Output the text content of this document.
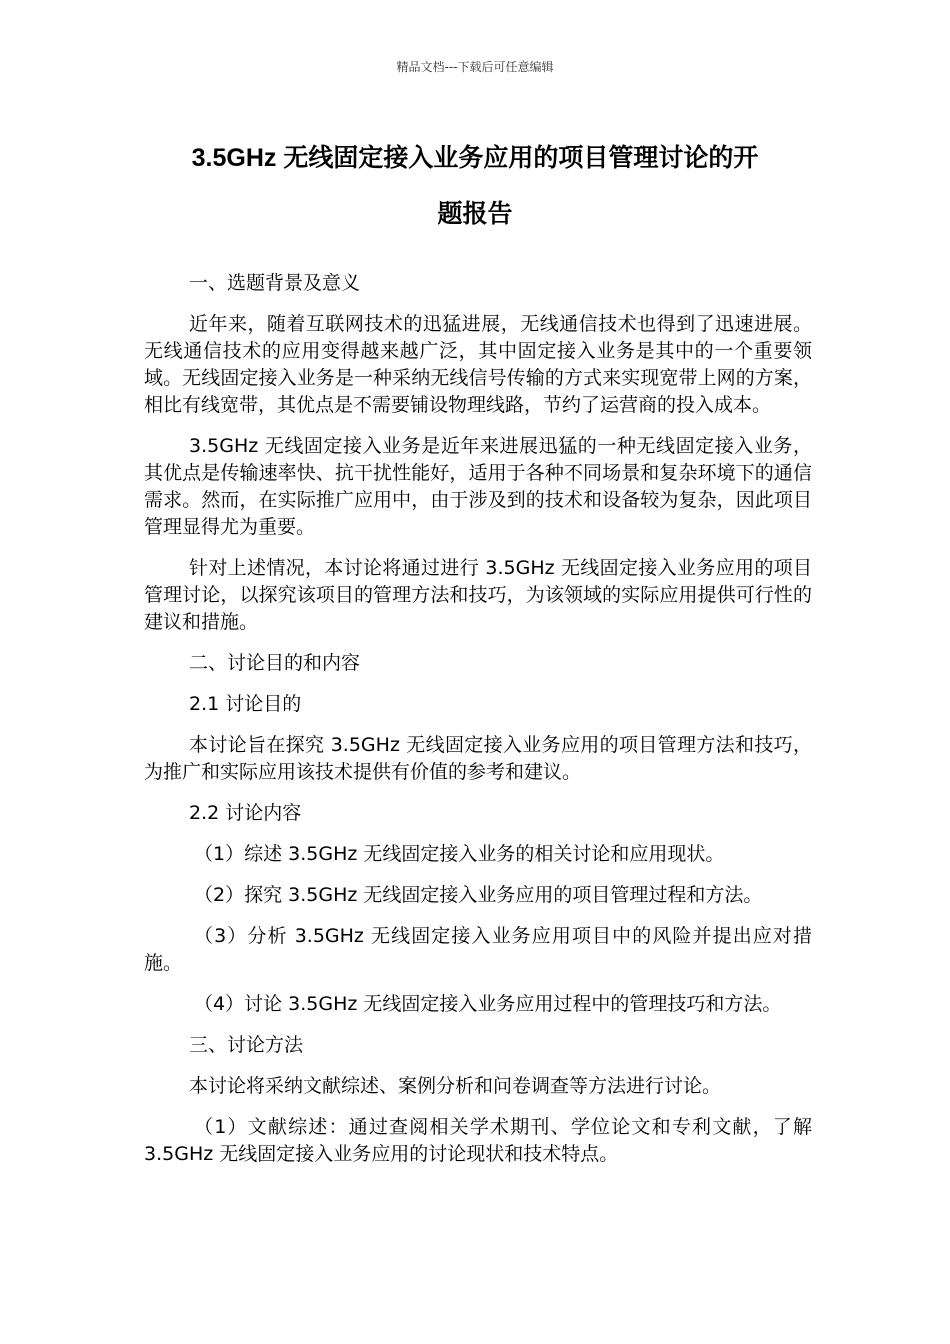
精品文档---下载后可任意编辑
3.5GHz 无线固定接入业务应用的项目管理讨论的开
题报告

一、选题背景及意义

近年来，随着互联网技术的迅猛进展，无线通信技术也得到了迅速进展。无线通信技术的应用变得越来越广泛，其中固定接入业务是其中的一个重要领域。无线固定接入业务是一种采纳无线信号传输的方式来实现宽带上网的方案，相比有线宽带，其优点是不需要铺设物理线路，节约了运营商的投入成本。

3.5GHz 无线固定接入业务是近年来进展迅猛的一种无线固定接入业务，其优点是传输速率快、抗干扰性能好，适用于各种不同场景和复杂环境下的通信需求。然而，在实际推广应用中，由于涉及到的技术和设备较为复杂，因此项目管理显得尤为重要。

针对上述情况，本讨论将通过进行 3.5GHz 无线固定接入业务应用的项目管理讨论，以探究该项目的管理方法和技巧，为该领域的实际应用提供可行性的建议和措施。

二、讨论目的和内容

2.1 讨论目的

本讨论旨在探究 3.5GHz 无线固定接入业务应用的项目管理方法和技巧，为推广和实际应用该技术提供有价值的参考和建议。

2.2 讨论内容

（1）综述 3.5GHz 无线固定接入业务的相关讨论和应用现状。

（2）探究 3.5GHz 无线固定接入业务应用的项目管理过程和方法。

（3）分析 3.5GHz 无线固定接入业务应用项目中的风险并提出应对措施。

（4）讨论 3.5GHz 无线固定接入业务应用过程中的管理技巧和方法。

三、讨论方法

本讨论将采纳文献综述、案例分析和问卷调查等方法进行讨论。

（1）文献综述：通过查阅相关学术期刊、学位论文和专利文献，了解 3.5GHz 无线固定接入业务应用的讨论现状和技术特点。
